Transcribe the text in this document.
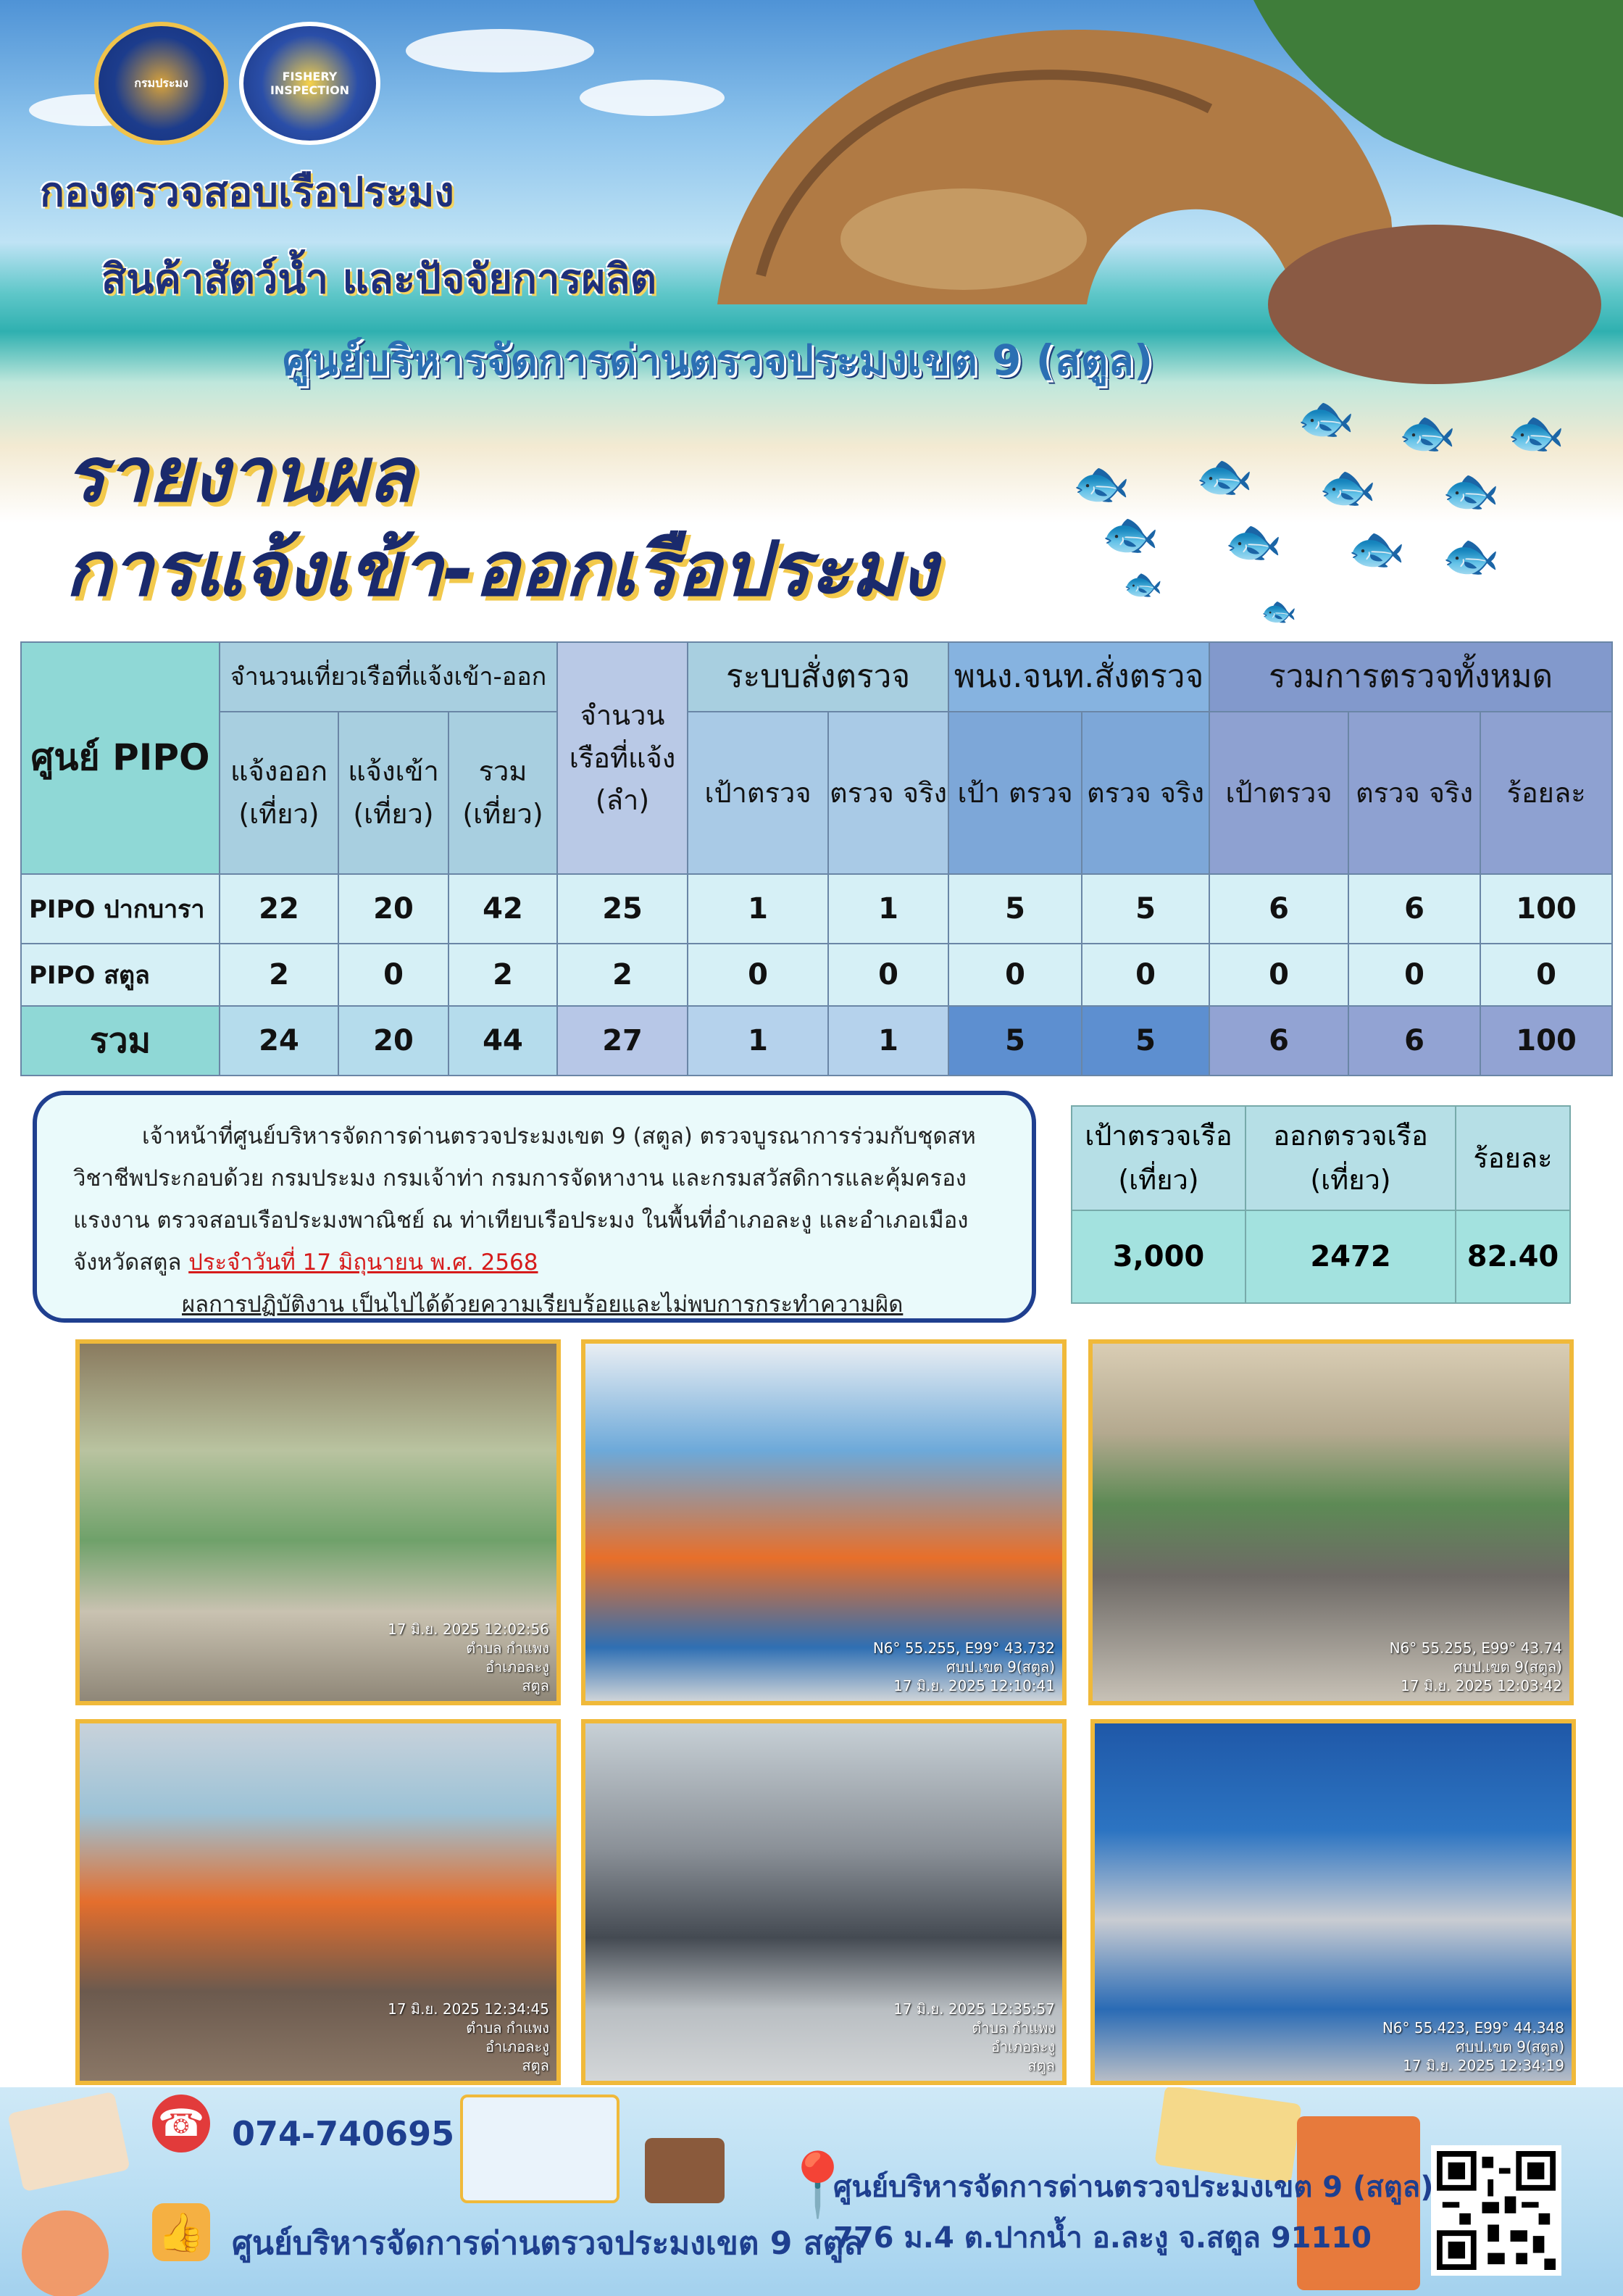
กรมประมง
FISHERY INSPECTION
กองตรวจสอบเรือประมง
สินค้าสัตว์น้ำ และปัจจัยการผลิต
ศูนย์บริหารจัดการด่านตรวจประมงเขต 9 (สตูล)
รายงานผล
การแจ้งเข้า-ออกเรือประมง
🐟 🐟 🐟
🐟 🐟 🐟 🐟
🐟 🐟 🐟 🐟
🐟
🐟
ศูนย์ PIPO	จำนวนเที่ยวเรือที่แจ้งเข้า-ออก			จำนวน เรือที่แจ้ง (ลำ)	ระบบสั่งตรวจ		พนง.จนท.สั่งตรวจ		รวมการตรวจทั้งหมด		
	แจ้งออก (เที่ยว)	แจ้งเข้า (เที่ยว)	รวม (เที่ยว)		เป้าตรวจ	ตรวจ จริง	เป้า ตรวจ	ตรวจ จริง	เป้าตรวจ	ตรวจ จริง	ร้อยละ
PIPO ปากบารา	22	20	42	25	1	1	5	5	6	6	100
PIPO สตูล	2	0	2	2	0	0	0	0	0	0	0
รวม	24	20	44	27	1	1	5	5	6	6	100
เจ้าหน้าที่ศูนย์บริหารจัดการด่านตรวจประมงเขต 9 (สตูล) ตรวจบูรณาการร่วมกับชุดสหวิชาชีพประกอบด้วย กรมประมง กรมเจ้าท่า กรมการจัดหางาน และกรมสวัสดิการและคุ้มครองแรงงาน ตรวจสอบเรือประมงพาณิชย์ ณ ท่าเทียบเรือประมง ในพื้นที่อำเภอละงู และอำเภอเมือง จังหวัดสตูล ประจำวันที่ 17 มิถุนายน พ.ศ. 2568
ผลการปฏิบัติงาน เป็นไปได้ด้วยความเรียบร้อยและไม่พบการกระทำความผิด
เป้าตรวจเรือ (เที่ยว)	ออกตรวจเรือ (เที่ยว)	ร้อยละ
3,000	2472	82.40
17 มิ.ย. 2025 12:02:56
ตำบล กำแพง
อำเภอละงู
สตูล
N6° 55.255, E99° 43.732
ศบป.เขต 9(สตูล)
17 มิ.ย. 2025 12:10:41
N6° 55.255, E99° 43.74
ศบป.เขต 9(สตูล)
17 มิ.ย. 2025 12:03:42
17 มิ.ย. 2025 12:34:45
ตำบล กำแพง
อำเภอละงู
สตูล
17 มิ.ย. 2025 12:35:57
ตำบล กำแพง
อำเภอละงู
สตูล
N6° 55.423, E99° 44.348
ศบป.เขต 9(สตูล)
17 มิ.ย. 2025 12:34:19
☎ 074-740695
👍 ศูนย์บริหารจัดการด่านตรวจประมงเขต 9 สตูล
📍
ศูนย์บริหารจัดการด่านตรวจประมงเขต 9 (สตูล)
776 ม.4 ต.ปากน้ำ อ.ละงู จ.สตูล 91110
